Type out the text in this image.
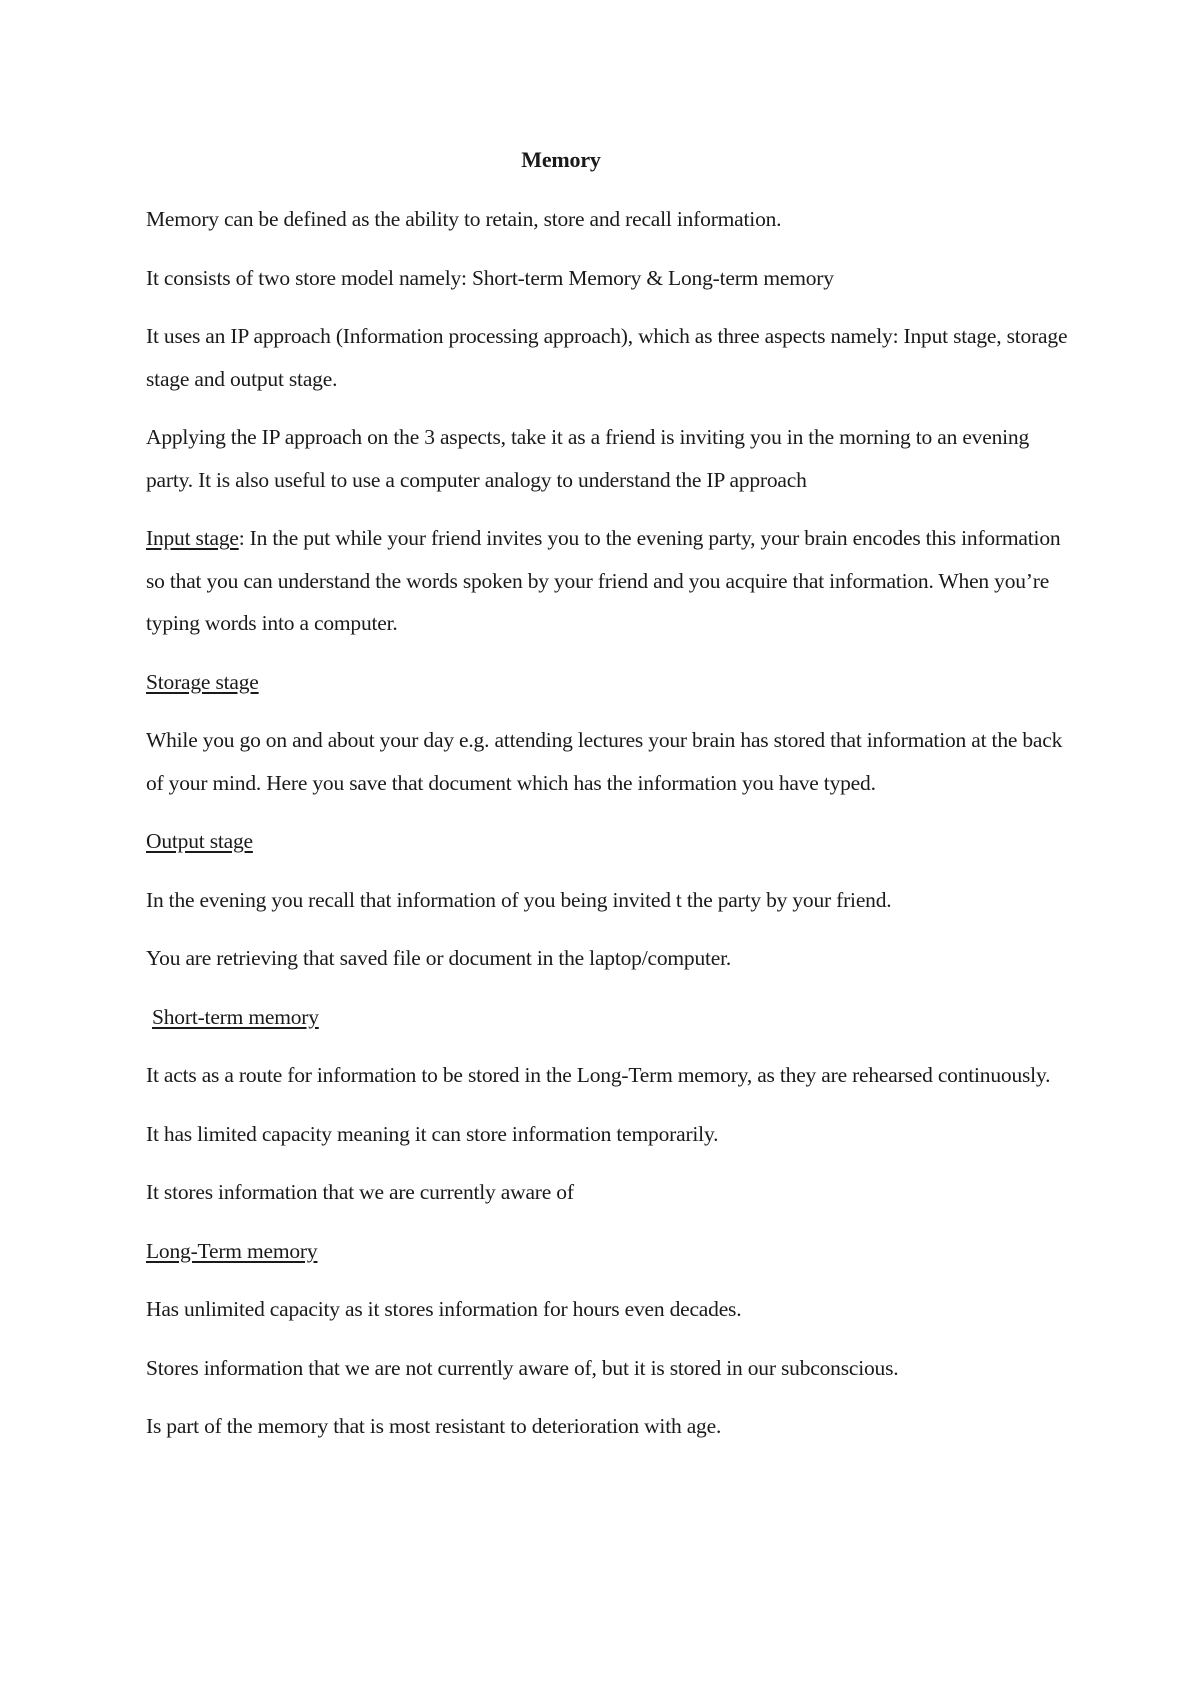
Memory

Memory can be defined as the ability to retain, store and recall information.

It consists of two store model namely: Short-term Memory & Long-term memory

It uses an IP approach (Information processing approach), which as three aspects namely: Input stage, storage stage and output stage.

Applying the IP approach on the 3 aspects, take it as a friend is inviting you in the morning to an evening party. It is also useful to use a computer analogy to understand the IP approach

Input stage: In the put while your friend invites you to the evening party, your brain encodes this information so that you can understand the words spoken by your friend and you acquire that information. When you’re typing words into a computer.

Storage stage

While you go on and about your day e.g. attending lectures your brain has stored that information at the back of your mind. Here you save that document which has the information you have typed.

Output stage

In the evening you recall that information of you being invited t the party by your friend.

You are retrieving that saved file or document in the laptop/computer.

Short-term memory

It acts as a route for information to be stored in the Long-Term memory, as they are rehearsed continuously.

It has limited capacity meaning it can store information temporarily.

It stores information that we are currently aware of

Long-Term memory

Has unlimited capacity as it stores information for hours even decades.

Stores information that we are not currently aware of, but it is stored in our subconscious.

Is part of the memory that is most resistant to deterioration with age.
